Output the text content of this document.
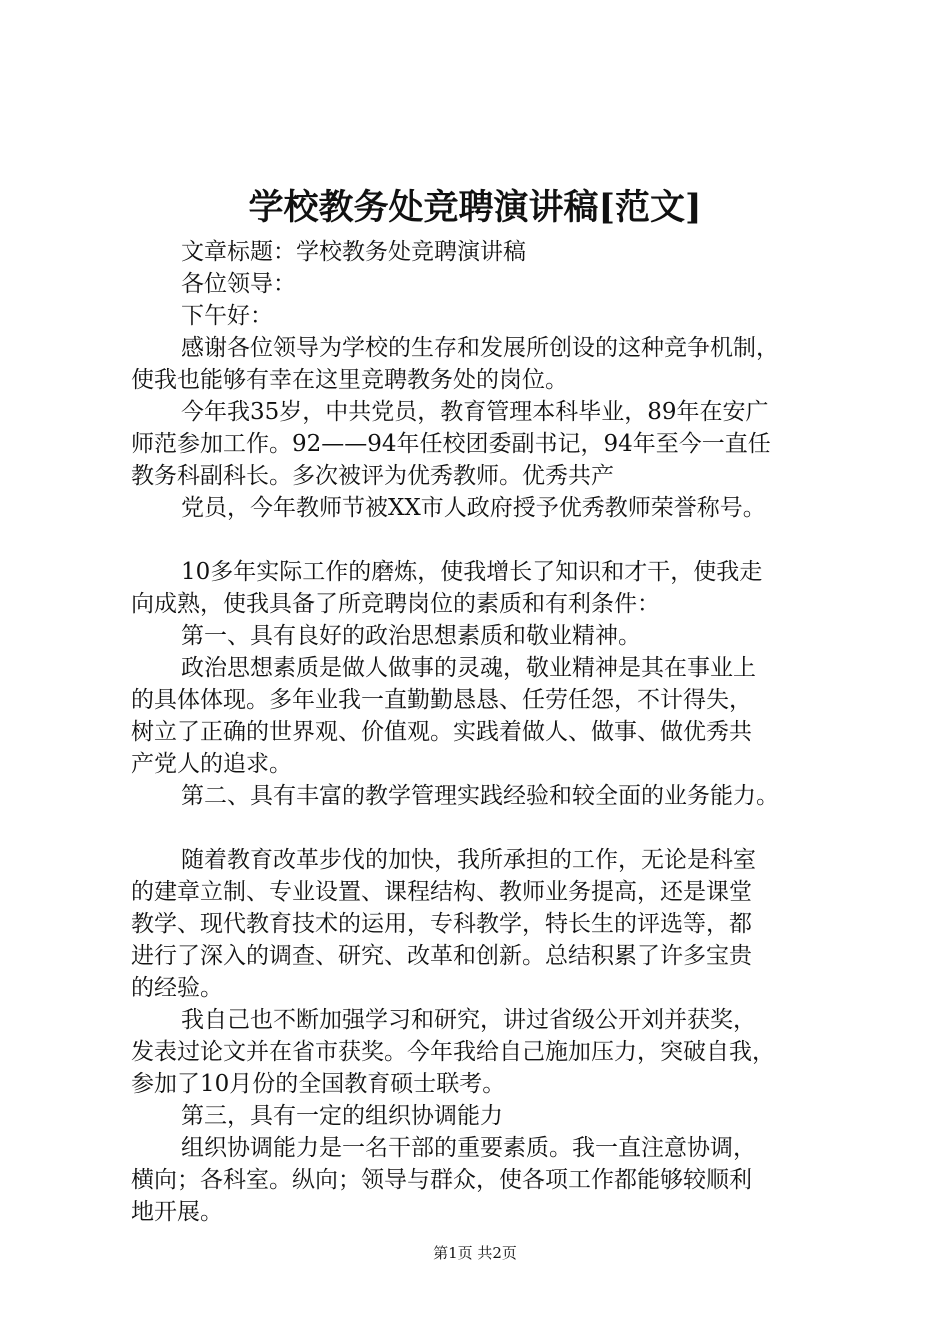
学校教务处竞聘演讲稿[范文]

文章标题：学校教务处竞聘演讲稿

各位领导：

下午好：

感谢各位领导为学校的生存和发展所创设的这种竞争机制，

使我也能够有幸在这里竞聘教务处的岗位。

今年我35岁，中共党员，教育管理本科毕业，89年在安广

师范参加工作。92——94年任校团委副书记，94年至今一直任

教务科副科长。多次被评为优秀教师。优秀共产

党员，今年教师节被XX市人政府授予优秀教师荣誉称号。

10多年实际工作的磨炼，使我增长了知识和才干，使我走

向成熟，使我具备了所竞聘岗位的素质和有利条件：

第一、具有良好的政治思想素质和敬业精神。

政治思想素质是做人做事的灵魂，敬业精神是其在事业上

的具体体现。多年业我一直勤勤恳恳、任劳任怨，不计得失，

树立了正确的世界观、价值观。实践着做人、做事、做优秀共

产党人的追求。

第二、具有丰富的教学管理实践经验和较全面的业务能力。

随着教育改革步伐的加快，我所承担的工作，无论是科室

的建章立制、专业设置、课程结构、教师业务提高，还是课堂

教学、现代教育技术的运用，专科教学，特长生的评选等，都

进行了深入的调查、研究、改革和创新。总结积累了许多宝贵

的经验。

我自己也不断加强学习和研究，讲过省级公开刘并获奖，

发表过论文并在省市获奖。今年我给自己施加压力，突破自我，

参加了10月份的全国教育硕士联考。

第三，具有一定的组织协调能力

组织协调能力是一名干部的重要素质。我一直注意协调，

横向；各科室。纵向；领导与群众，使各项工作都能够较顺利

地开展。

第1页 共2页
